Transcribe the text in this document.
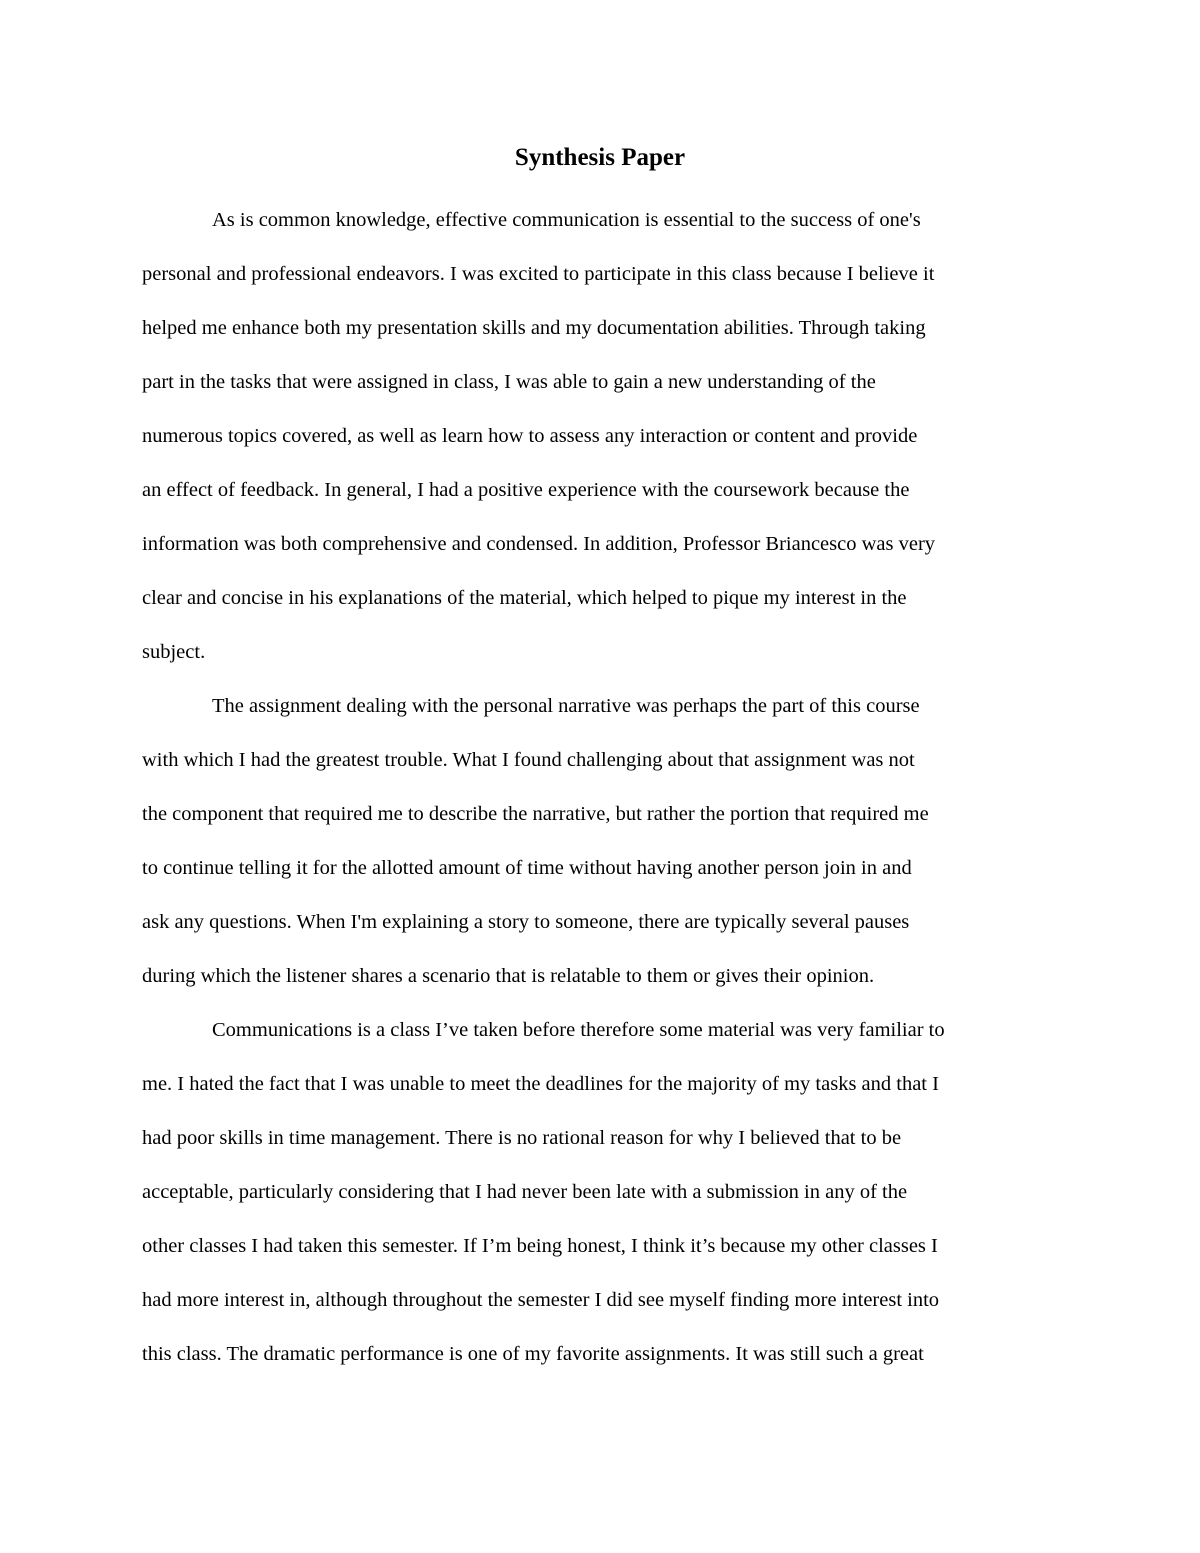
Synthesis Paper

As is common knowledge, effective communication is essential to the success of one's

personal and professional endeavors. I was excited to participate in this class because I believe it

helped me enhance both my presentation skills and my documentation abilities. Through taking

part in the tasks that were assigned in class, I was able to gain a new understanding of the

numerous topics covered, as well as learn how to assess any interaction or content and provide

an effect of feedback. In general, I had a positive experience with the coursework because the

information was both comprehensive and condensed. In addition, Professor Briancesco was very

clear and concise in his explanations of the material, which helped to pique my interest in the

subject.

The assignment dealing with the personal narrative was perhaps the part of this course

with which I had the greatest trouble. What I found challenging about that assignment was not

the component that required me to describe the narrative, but rather the portion that required me

to continue telling it for the allotted amount of time without having another person join in and

ask any questions. When I'm explaining a story to someone, there are typically several pauses

during which the listener shares a scenario that is relatable to them or gives their opinion.

Communications is a class I’ve taken before therefore some material was very familiar to

me. I hated the fact that I was unable to meet the deadlines for the majority of my tasks and that I

had poor skills in time management. There is no rational reason for why I believed that to be

acceptable, particularly considering that I had never been late with a submission in any of the

other classes I had taken this semester. If I’m being honest, I think it’s because my other classes I

had more interest in, although throughout the semester I did see myself finding more interest into

this class. The dramatic performance is one of my favorite assignments. It was still such a great
